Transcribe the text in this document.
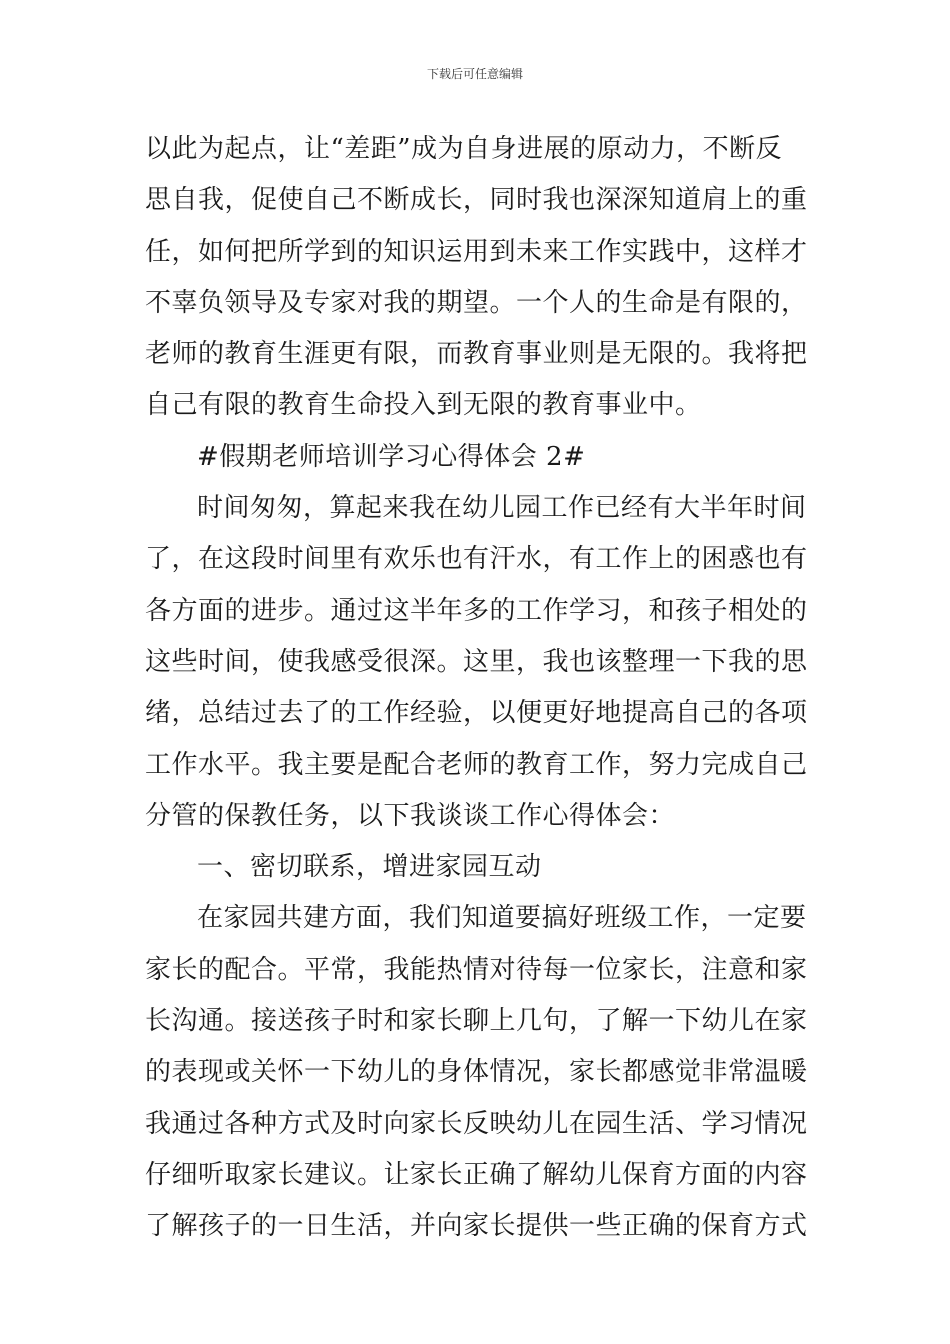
下载后可任意编辑
以此为起点，让“差距”成为自身进展的原动力，不断反
思自我，促使自己不断成长，同时我也深深知道肩上的重
任，如何把所学到的知识运用到未来工作实践中，这样才
不辜负领导及专家对我的期望。一个人的生命是有限的，
老师的教育生涯更有限，而教育事业则是无限的。我将把
自己有限的教育生命投入到无限的教育事业中。
#假期老师培训学习心得体会 2#
时间匆匆，算起来我在幼儿园工作已经有大半年时间
了，在这段时间里有欢乐也有汗水，有工作上的困惑也有
各方面的进步。通过这半年多的工作学习，和孩子相处的
这些时间，使我感受很深。这里，我也该整理一下我的思
绪，总结过去了的工作经验，以便更好地提高自己的各项
工作水平。我主要是配合老师的教育工作，努力完成自己
分管的保教任务，以下我谈谈工作心得体会：
一、密切联系，增进家园互动
在家园共建方面，我们知道要搞好班级工作，一定要
家长的配合。平常，我能热情对待每一位家长，注意和家
长沟通。接送孩子时和家长聊上几句，了解一下幼儿在家
的表现或关怀一下幼儿的身体情况，家长都感觉非常温暖
我通过各种方式及时向家长反映幼儿在园生活、学习情况
仔细听取家长建议。让家长正确了解幼儿保育方面的内容
了解孩子的一日生活，并向家长提供一些正确的保育方式
